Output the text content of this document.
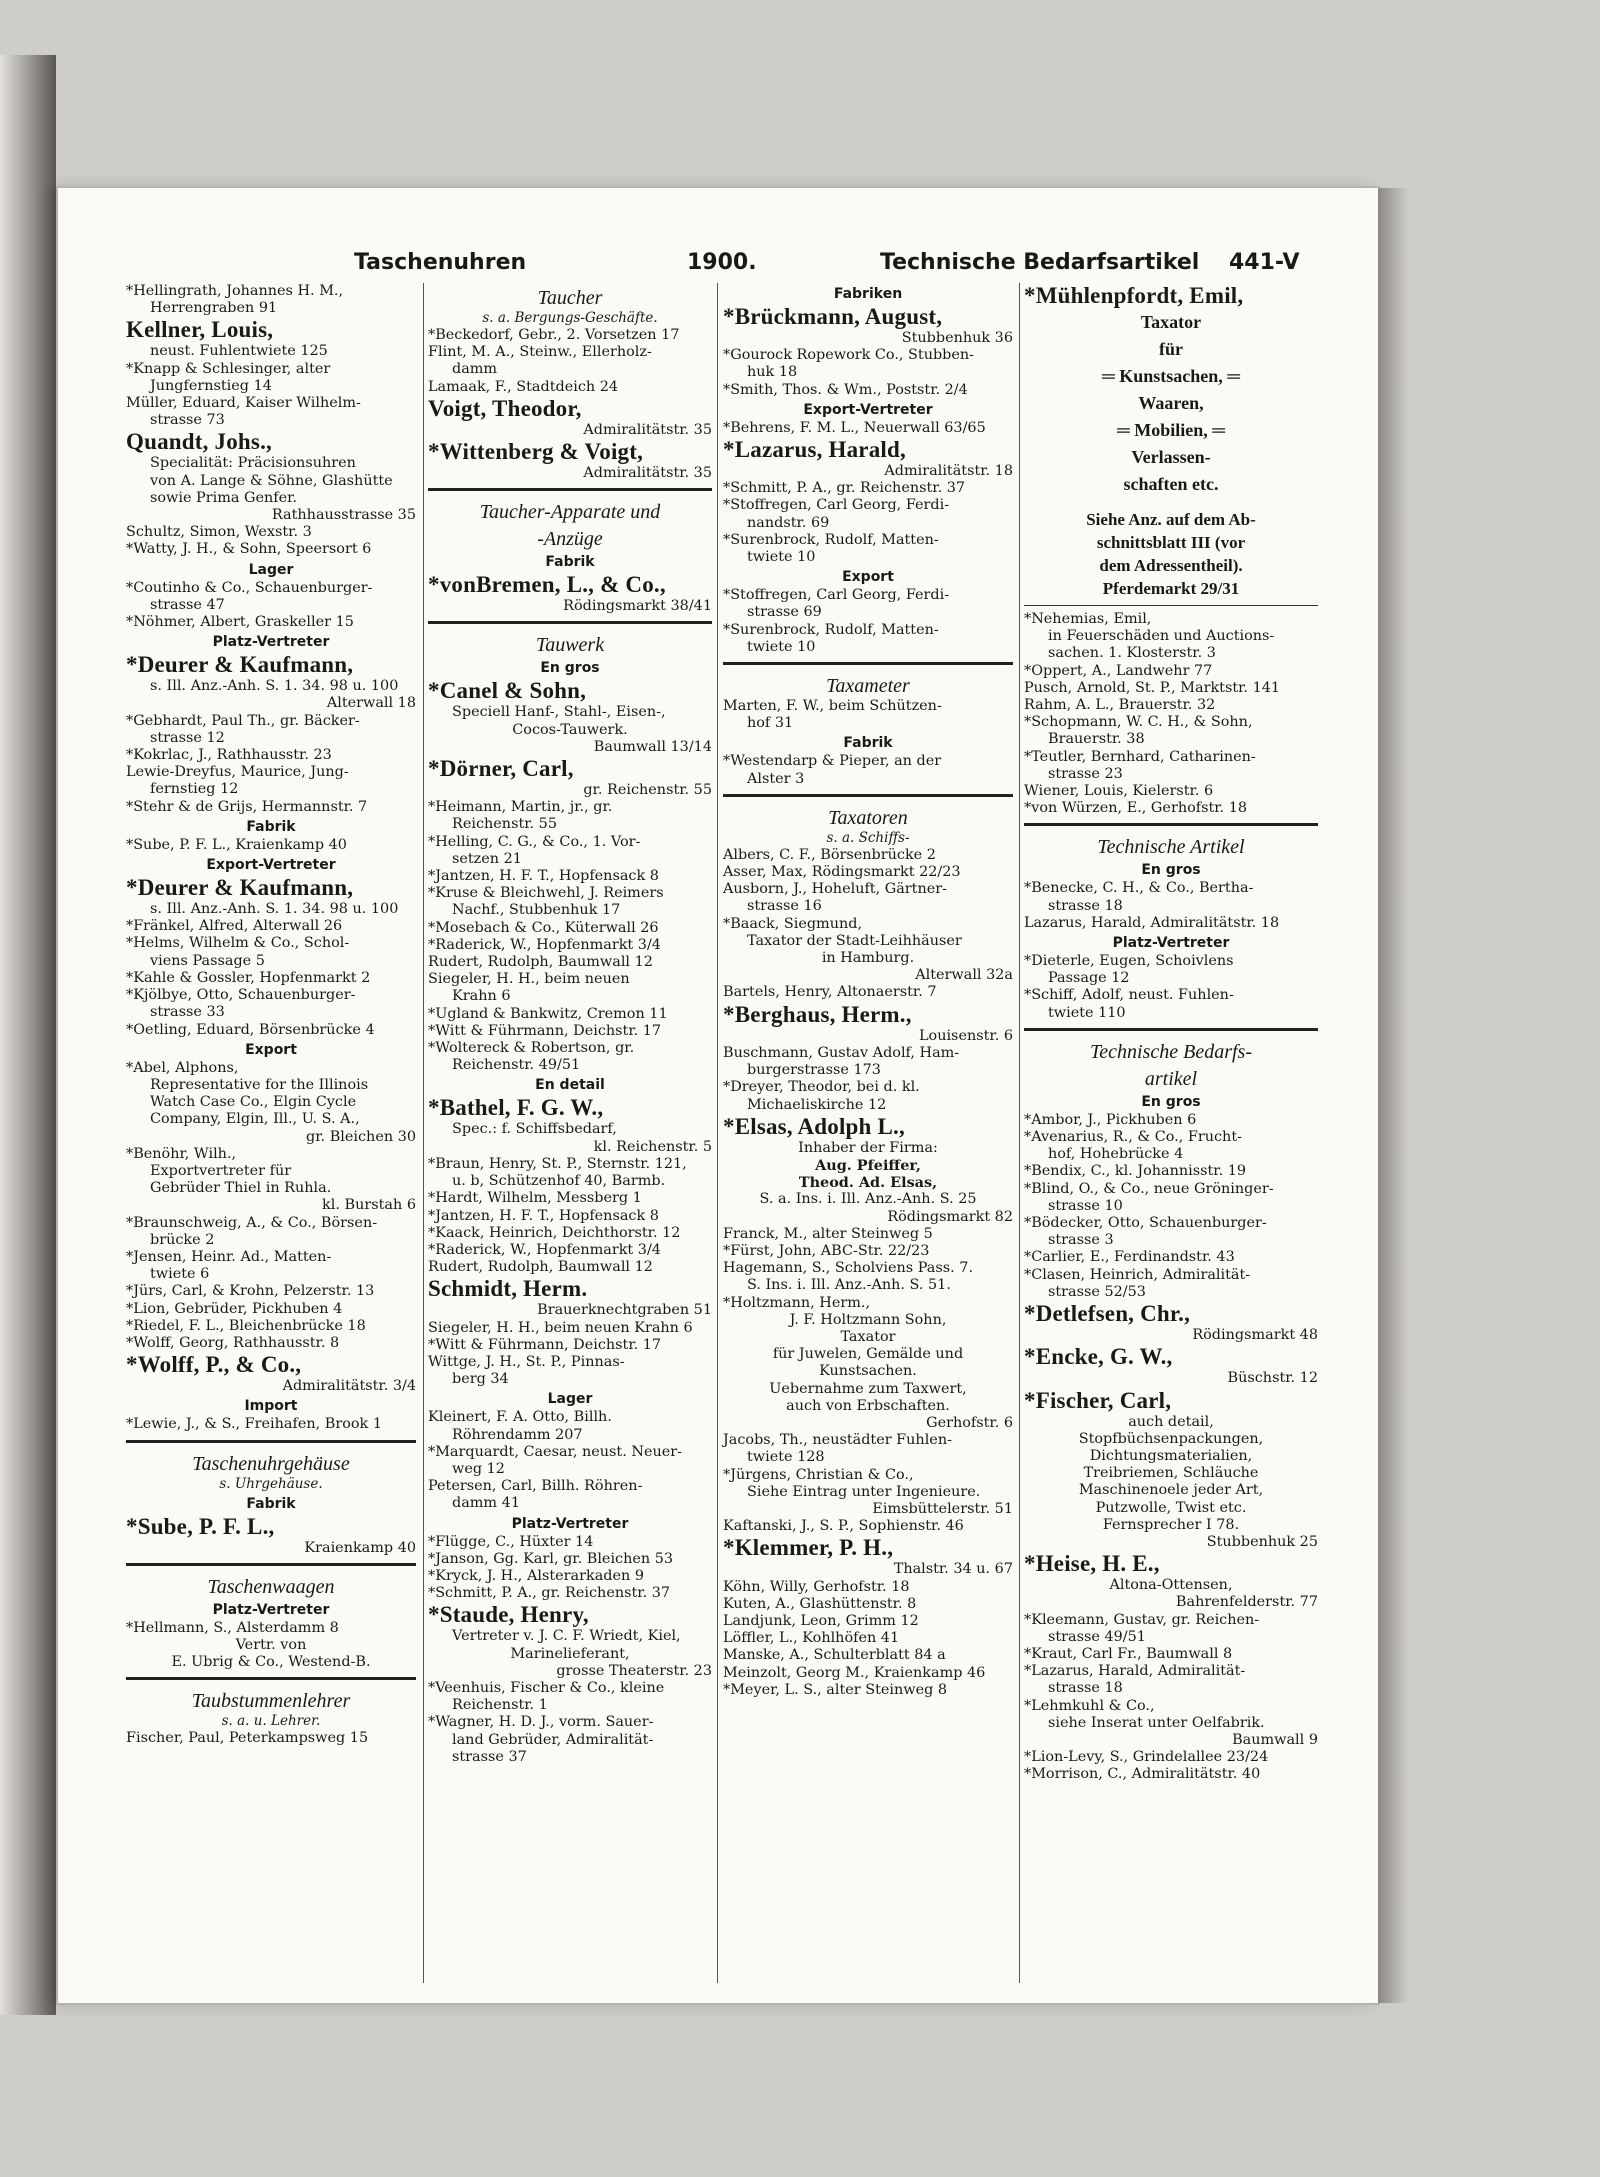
Taschenuhren	1900.	Technische Bedarfsartikel 441-V
*Hellingrath, Johannes H. M.,
Herrengraben 91
Kellner, Louis,
neust. Fuhlentwiete 125
*Knapp & Schlesinger, alter
Jungfernstieg 14
Müller, Eduard, Kaiser Wilhelm-
strasse 73
Quandt, Johs.,
Specialität: Präcisionsuhren
von A. Lange & Söhne, Glashütte
sowie Prima Genfer.
Rathhausstrasse 35
Schultz, Simon, Wexstr. 3
*Watty, J. H., & Sohn, Speersort 6
Lager
*Coutinho & Co., Schauenburger-
strasse 47
*Nöhmer, Albert, Graskeller 15
Platz-Vertreter
*Deurer & Kaufmann,
s. Ill. Anz.-Anh. S. 1. 34. 98 u. 100
Alterwall 18
*Gebhardt, Paul Th., gr. Bäcker-
strasse 12
*Kokrlac, J., Rathhausstr. 23
Lewie-Dreyfus, Maurice, Jung-
fernstieg 12
*Stehr & de Grijs, Hermannstr. 7
Fabrik
*Sube, P. F. L., Kraienkamp 40
Export-Vertreter
*Deurer & Kaufmann,
s. Ill. Anz.-Anh. S. 1. 34. 98 u. 100
*Fränkel, Alfred, Alterwall 26
*Helms, Wilhelm & Co., Schol-
viens Passage 5
*Kahle & Gossler, Hopfenmarkt 2
*Kjölbye, Otto, Schauenburger-
strasse 33
*Oetling, Eduard, Börsenbrücke 4
Export
*Abel, Alphons,
Representative for the Illinois
Watch Case Co., Elgin Cycle
Company, Elgin, Ill., U. S. A.,
gr. Bleichen 30
*Benöhr, Wilh.,
Exportvertreter für
Gebrüder Thiel in Ruhla.
kl. Burstah 6
*Braunschweig, A., & Co., Börsen-
brücke 2
*Jensen, Heinr. Ad., Matten-
twiete 6
*Jürs, Carl, & Krohn, Pelzerstr. 13
*Lion, Gebrüder, Pickhuben 4
*Riedel, F. L., Bleichenbrücke 18
*Wolff, Georg, Rathhausstr. 8
*Wolff, P., & Co.,
Admiralitätstr. 3/4
Import
*Lewie, J., & S., Freihafen, Brook 1
Taschenuhrgehäuse
s. Uhrgehäuse.
Fabrik
*Sube, P. F. L.,
Kraienkamp 40
Taschenwaagen
Platz-Vertreter
*Hellmann, S., Alsterdamm 8
Vertr. von
E. Ubrig & Co., Westend-B.
Taubstummenlehrer
s. a. u. Lehrer.
Fischer, Paul, Peterkampsweg 15
Taucher
s. a. Bergungs-Geschäfte.
*Beckedorf, Gebr., 2. Vorsetzen 17
Flint, M. A., Steinw., Ellerholz-
damm
Lamaak, F., Stadtdeich 24
Voigt, Theodor,
Admiralitätstr. 35
*Wittenberg & Voigt,
Admiralitätstr. 35
Taucher-Apparate und
-Anzüge
Fabrik
*vonBremen, L., & Co.,
Rödingsmarkt 38/41
Tauwerk
En gros
*Canel & Sohn,
Speciell Hanf-, Stahl-, Eisen-,
Cocos-Tauwerk.
Baumwall 13/14
*Dörner, Carl,
gr. Reichenstr. 55
*Heimann, Martin, jr., gr.
Reichenstr. 55
*Helling, C. G., & Co., 1. Vor-
setzen 21
*Jantzen, H. F. T., Hopfensack 8
*Kruse & Bleichwehl, J. Reimers
Nachf., Stubbenhuk 17
*Mosebach & Co., Küterwall 26
*Raderick, W., Hopfenmarkt 3/4
Rudert, Rudolph, Baumwall 12
Siegeler, H. H., beim neuen
Krahn 6
*Ugland & Bankwitz, Cremon 11
*Witt & Führmann, Deichstr. 17
*Woltereck & Robertson, gr.
Reichenstr. 49/51
En detail
*Bathel, F. G. W.,
Spec.: f. Schiffsbedarf,
kl. Reichenstr. 5
*Braun, Henry, St. P., Sternstr. 121,
u. b, Schützenhof 40, Barmb.
*Hardt, Wilhelm, Messberg 1
*Jantzen, H. F. T., Hopfensack 8
*Kaack, Heinrich, Deichthorstr. 12
*Raderick, W., Hopfenmarkt 3/4
Rudert, Rudolph, Baumwall 12
Schmidt, Herm.
Brauerknechtgraben 51
Siegeler, H. H., beim neuen Krahn 6
*Witt & Führmann, Deichstr. 17
Wittge, J. H., St. P., Pinnas-
berg 34
Lager
Kleinert, F. A. Otto, Billh.
Röhrendamm 207
*Marquardt, Caesar, neust. Neuer-
weg 12
Petersen, Carl, Billh. Röhren-
damm 41
Platz-Vertreter
*Flügge, C., Hüxter 14
*Janson, Gg. Karl, gr. Bleichen 53
*Kryck, J. H., Alsterarkaden 9
*Schmitt, P. A., gr. Reichenstr. 37
*Staude, Henry,
Vertreter v. J. C. F. Wriedt, Kiel,
Marinelieferant,
grosse Theaterstr. 23
*Veenhuis, Fischer & Co., kleine
Reichenstr. 1
*Wagner, H. D. J., vorm. Sauer-
land Gebrüder, Admiralität-
strasse 37
Fabriken
*Brückmann, August,
Stubbenhuk 36
*Gourock Ropework Co., Stubben-
huk 18
*Smith, Thos. & Wm., Poststr. 2/4
Export-Vertreter
*Behrens, F. M. L., Neuerwall 63/65
*Lazarus, Harald,
Admiralitätstr. 18
*Schmitt, P. A., gr. Reichenstr. 37
*Stoffregen, Carl Georg, Ferdi-
nandstr. 69
*Surenbrock, Rudolf, Matten-
twiete 10
Export
*Stoffregen, Carl Georg, Ferdi-
strasse 69
*Surenbrock, Rudolf, Matten-
twiete 10
Taxameter
Marten, F. W., beim Schützen-
hof 31
Fabrik
*Westendarp & Pieper, an der
Alster 3
Taxatoren
s. a. Schiffs-
Albers, C. F., Börsenbrücke 2
Asser, Max, Rödingsmarkt 22/23
Ausborn, J., Hoheluft, Gärtner-
strasse 16
*Baack, Siegmund,
Taxator der Stadt-Leihhäuser
in Hamburg.
Alterwall 32a
Bartels, Henry, Altonaerstr. 7
*Berghaus, Herm.,
Louisenstr. 6
Buschmann, Gustav Adolf, Ham-
burgerstrasse 173
*Dreyer, Theodor, bei d. kl.
Michaeliskirche 12
*Elsas, Adolph L.,
Inhaber der Firma:
Aug. Pfeiffer,
Theod. Ad. Elsas,
S. a. Ins. i. Ill. Anz.-Anh. S. 25
Rödingsmarkt 82
Franck, M., alter Steinweg 5
*Fürst, John, ABC-Str. 22/23
Hagemann, S., Scholviens Pass. 7.
S. Ins. i. Ill. Anz.-Anh. S. 51.
*Holtzmann, Herm.,
J. F. Holtzmann Sohn,
Taxator
für Juwelen, Gemälde und
Kunstsachen.
Uebernahme zum Taxwert,
auch von Erbschaften.
Gerhofstr. 6
Jacobs, Th., neustädter Fuhlen-
twiete 128
*Jürgens, Christian & Co.,
Siehe Eintrag unter Ingenieure.
Eimsbüttelerstr. 51
Kaftanski, J., S. P., Sophienstr. 46
*Klemmer, P. H.,
Thalstr. 34 u. 67
Köhn, Willy, Gerhofstr. 18
Kuten, A., Glashüttenstr. 8
Landjunk, Leon, Grimm 12
Löffler, L., Kohlhöfen 41
Manske, A., Schulterblatt 84 a
Meinzolt, Georg M., Kraienkamp 46
*Meyer, L. S., alter Steinweg 8
*Mühlenpfordt, Emil,
Taxator
für
═ Kunstsachen, ═
Waaren,
═ Mobilien, ═
Verlassen-
schaften etc.
Siehe Anz. auf dem Ab-
schnittsblatt III (vor
dem Adressentheil).
Pferdemarkt 29/31
*Nehemias, Emil,
in Feuerschäden und Auctions-
sachen. 1. Klosterstr. 3
*Oppert, A., Landwehr 77
Pusch, Arnold, St. P., Marktstr. 141
Rahm, A. L., Brauerstr. 32
*Schopmann, W. C. H., & Sohn,
Brauerstr. 38
*Teutler, Bernhard, Catharinen-
strasse 23
Wiener, Louis, Kielerstr. 6
*von Würzen, E., Gerhofstr. 18
Technische Artikel
En gros
*Benecke, C. H., & Co., Bertha-
strasse 18
Lazarus, Harald, Admiralitätstr. 18
Platz-Vertreter
*Dieterle, Eugen, Schoivlens
Passage 12
*Schiff, Adolf, neust. Fuhlen-
twiete 110
Technische Bedarfs-
artikel
En gros
*Ambor, J., Pickhuben 6
*Avenarius, R., & Co., Frucht-
hof, Hohebrücke 4
*Bendix, C., kl. Johannisstr. 19
*Blind, O., & Co., neue Gröninger-
strasse 10
*Bödecker, Otto, Schauenburger-
strasse 3
*Carlier, E., Ferdinandstr. 43
*Clasen, Heinrich, Admiralität-
strasse 52/53
*Detlefsen, Chr.,
Rödingsmarkt 48
*Encke, G. W.,
Büschstr. 12
*Fischer, Carl,
auch detail,
Stopfbüchsenpackungen,
Dichtungsmaterialien,
Treibriemen, Schläuche
Maschinenoele jeder Art,
Putzwolle, Twist etc.
Fernsprecher I 78.
Stubbenhuk 25
*Heise, H. E.,
Altona-Ottensen,
Bahrenfelderstr. 77
*Kleemann, Gustav, gr. Reichen-
strasse 49/51
*Kraut, Carl Fr., Baumwall 8
*Lazarus, Harald, Admiralität-
strasse 18
*Lehmkuhl & Co.,
siehe Inserat unter Oelfabrik.
Baumwall 9
*Lion-Levy, S., Grindelallee 23/24
*Morrison, C., Admiralitätstr. 40
